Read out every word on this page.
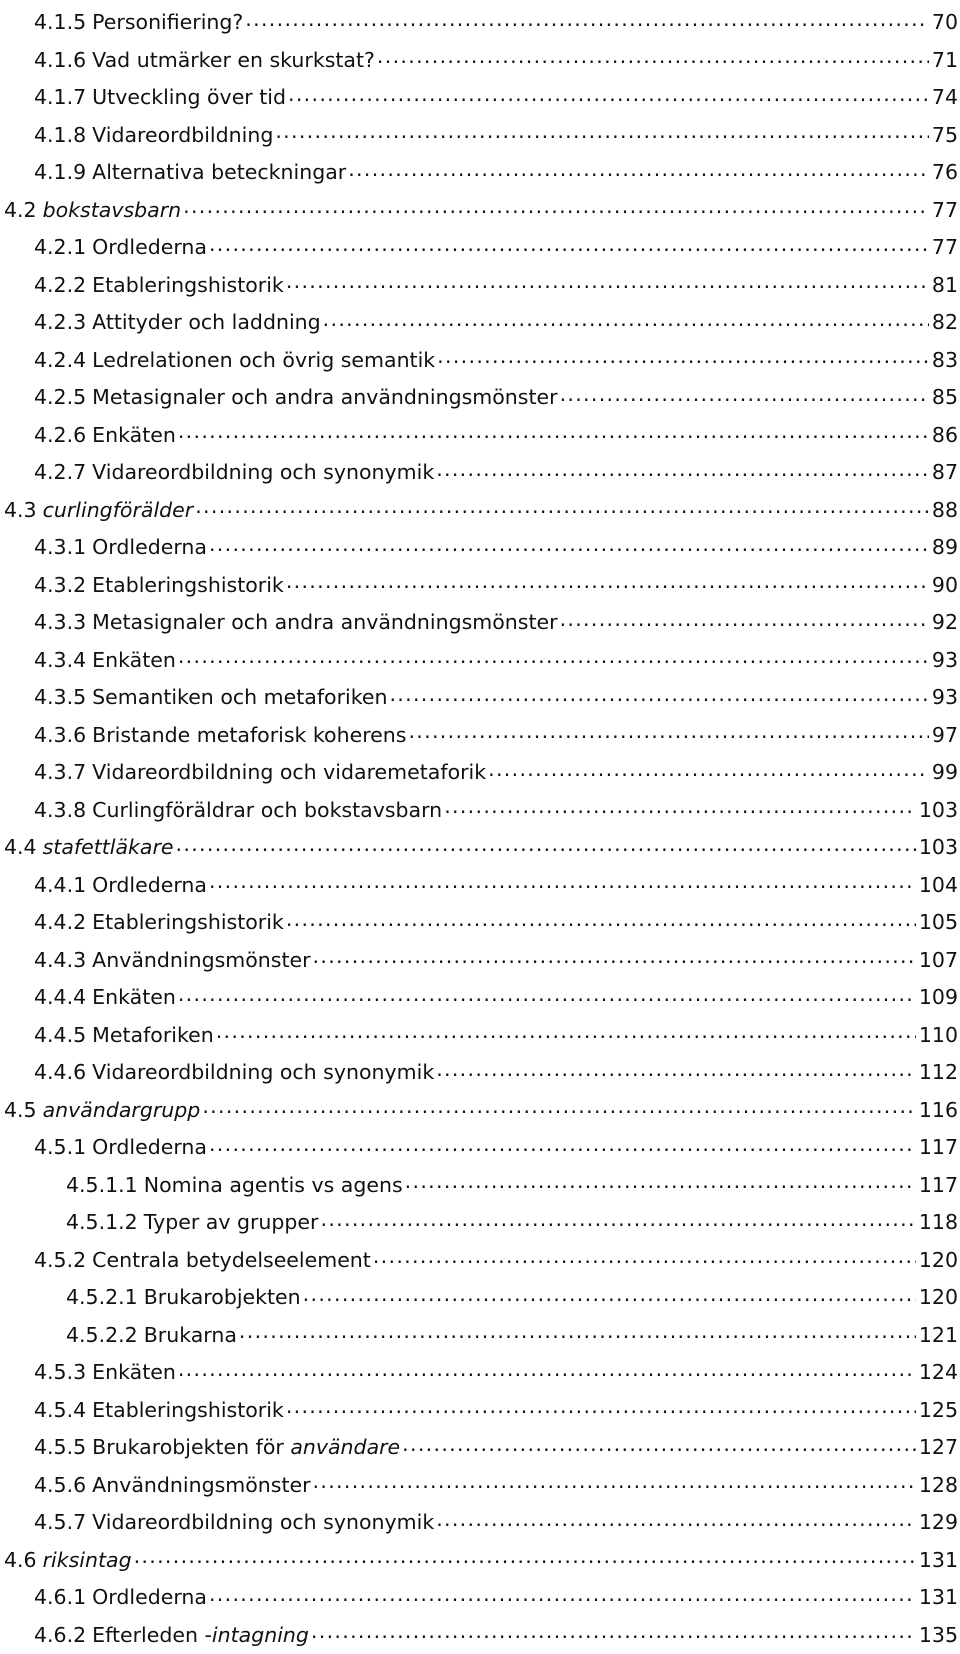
4.1.5 Personifiering? . . .	70
4.1.6 Vad utmärker en skurkstat? . . .	71
4.1.7 Utveckling över tid . . .	74
4.1.8 Vidareordbildning . . .	75
4.1.9 Alternativa beteckningar . . .	76
4.2 bokstavsbarn . . .	77
4.2.1 Ordlederna . . .	77
4.2.2 Etableringshistorik . . .	81
4.2.3 Attityder och laddning . . .	82
4.2.4 Ledrelationen och övrig semantik . . .	83
4.2.5 Metasignaler och andra användningsmönster . . .	85
4.2.6 Enkäten . . .	86
4.2.7 Vidareordbildning och synonymik . . .	87
4.3 curlingförälder . . .	88
4.3.1 Ordlederna . . .	89
4.3.2 Etableringshistorik . . .	90
4.3.3 Metasignaler och andra användningsmönster . . .	92
4.3.4 Enkäten . . .	93
4.3.5 Semantiken och metaforiken . . .	93
4.3.6 Bristande metaforisk koherens . . .	97
4.3.7 Vidareordbildning och vidaremetaforik . . .	99
4.3.8 Curlingföräldrar och bokstavsbarn . . .	103
4.4 stafettläkare . . .	103
4.4.1 Ordlederna . . .	104
4.4.2 Etableringshistorik . . .	105
4.4.3 Användningsmönster . . .	107
4.4.4 Enkäten . . .	109
4.4.5 Metaforiken . . .	110
4.4.6 Vidareordbildning och synonymik . . .	112
4.5 användargrupp . . .	116
4.5.1 Ordlederna . . .	117
4.5.1.1 Nomina agentis vs agens . . .	117
4.5.1.2 Typer av grupper . . .	118
4.5.2 Centrala betydelseelement . . .	120
4.5.2.1 Brukarobjekten . . .	120
4.5.2.2 Brukarna . . .	121
4.5.3 Enkäten . . .	124
4.5.4 Etableringshistorik . . .	125
4.5.5 Brukarobjekten för användare . . .	127
4.5.6 Användningsmönster . . .	128
4.5.7 Vidareordbildning och synonymik . . .	129
4.6 riksintag . . .	131
4.6.1 Ordlederna . . .	131
4.6.2 Efterleden -intagning . . .	135
